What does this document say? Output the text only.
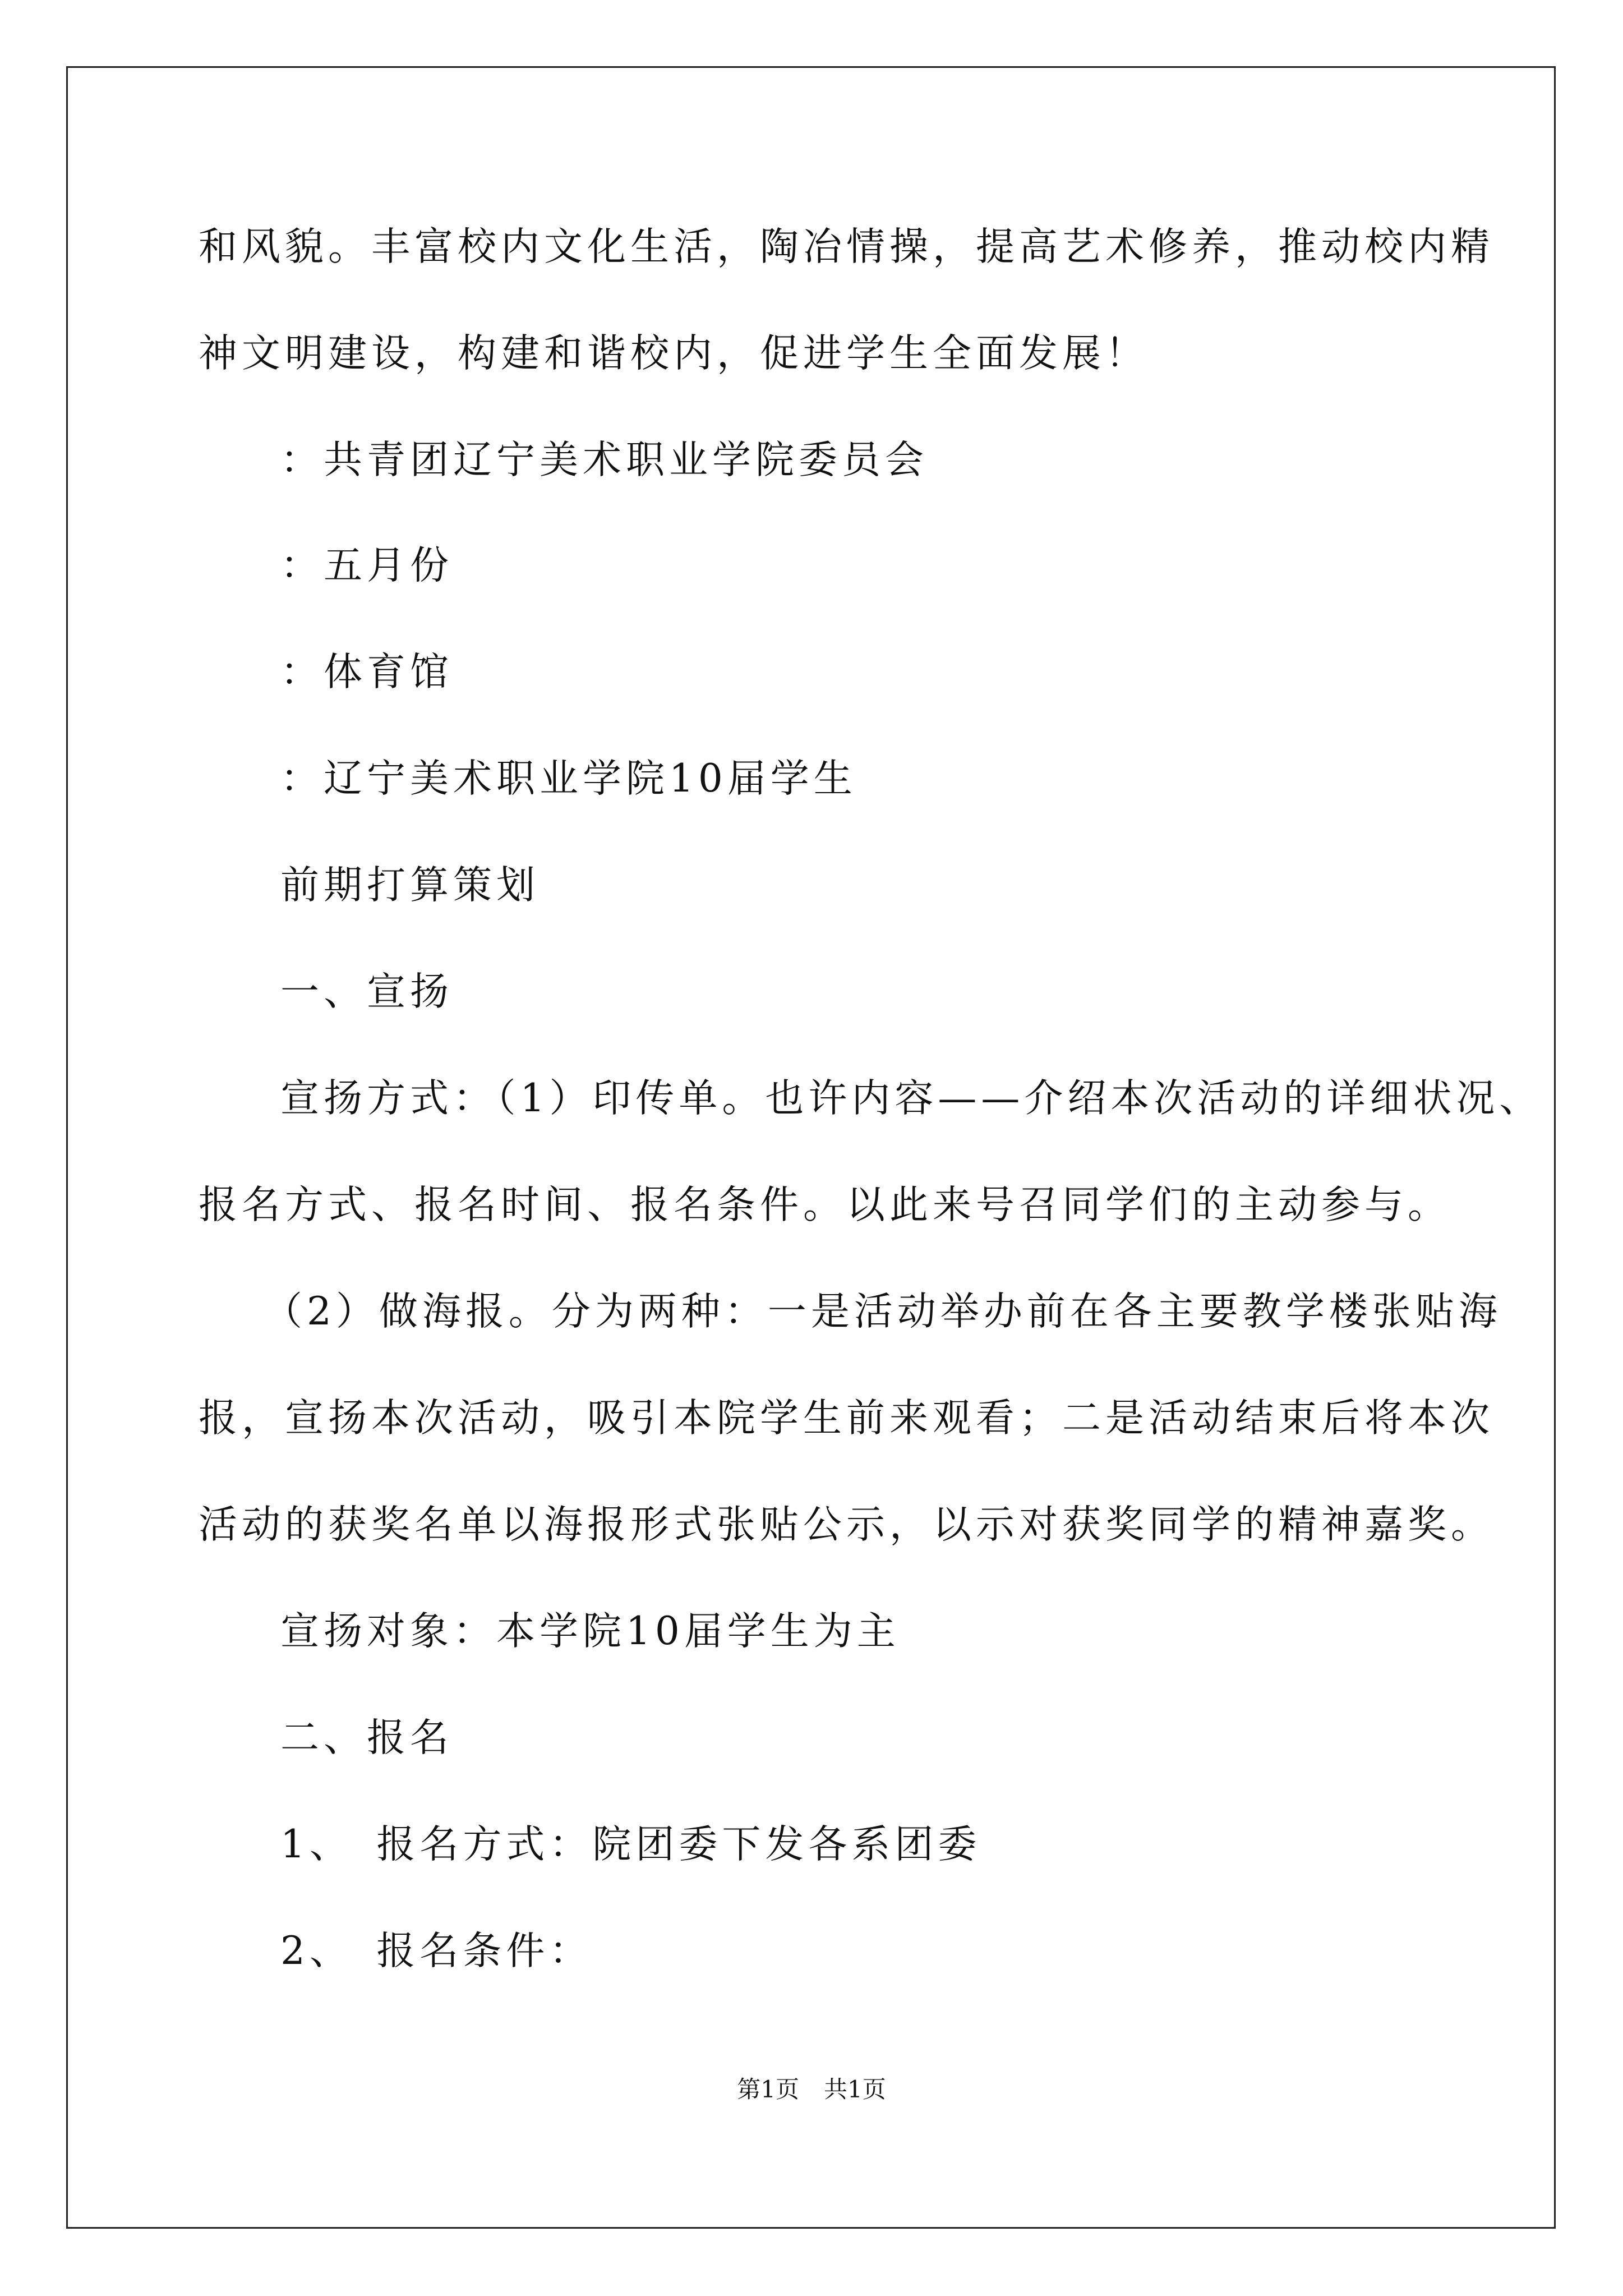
和风貌。丰富校内文化生活，陶冶情操，提高艺术修养，推动校内精
神文明建设，构建和谐校内，促进学生全面发展！
：共青团辽宁美术职业学院委员会
：五月份
：体育馆
：辽宁美术职业学院10届学生
前期打算策划
一、宣扬
宣扬方式：（1）印传单。也许内容——介绍本次活动的详细状况、
报名方式、报名时间、报名条件。以此来号召同学们的主动参与。
（2）做海报。分为两种：一是活动举办前在各主要教学楼张贴海
报，宣扬本次活动，吸引本院学生前来观看；二是活动结束后将本次
活动的获奖名单以海报形式张贴公示，以示对获奖同学的精神嘉奖。
宣扬对象：本学院10届学生为主
二、报名
1、　报名方式：院团委下发各系团委
2、　报名条件：
第1页 共1页
